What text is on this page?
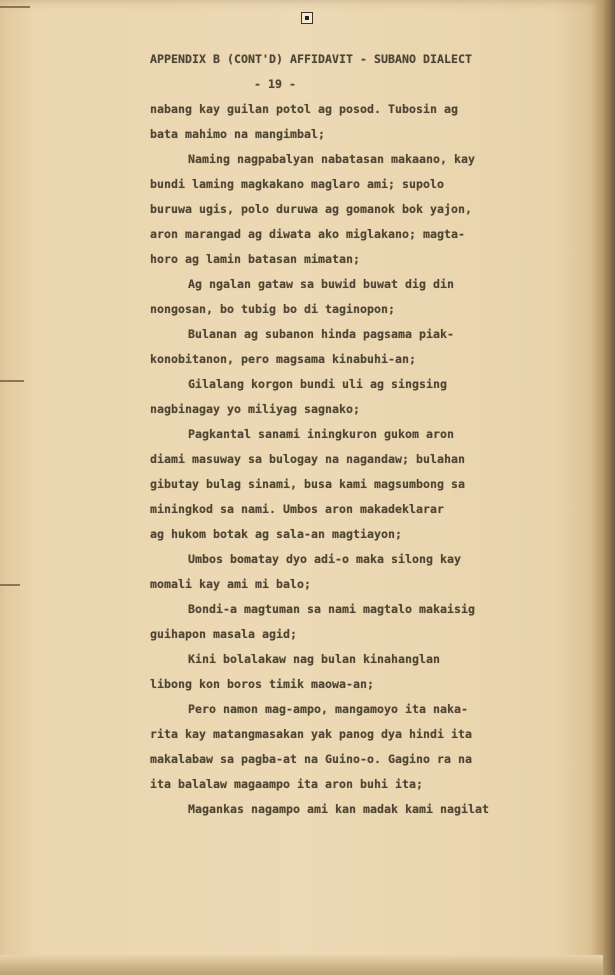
APPENDIX B (CONT'D) AFFIDAVIT - SUBANO DIALECT
- 19 -
nabang kay guilan potol ag posod. Tubosin ag
bata mahimo na mangimbal;
Naming nagpabalyan nabatasan makaano, kay
bundi laming magkakano maglaro ami; supolo
buruwa ugis, polo duruwa ag gomanok bok yajon,
aron marangad ag diwata ako miglakano; magta-
horo ag lamin batasan mimatan;
Ag ngalan gataw sa buwid buwat dig din
nongosan, bo tubig bo di taginopon;
Bulanan ag subanon hinda pagsama piak-
konobitanon, pero magsama kinabuhi-an;
Gilalang korgon bundi uli ag singsing
nagbinagay yo miliyag sagnako;
Pagkantal sanami iningkuron gukom aron
diami masuway sa bulogay na nagandaw; bulahan
gibutay bulag sinami, busa kami magsumbong sa
miningkod sa nami. Umbos aron makadeklarar
ag hukom botak ag sala-an magtiayon;
Umbos bomatay dyo adi-o maka silong kay
momali kay ami mi balo;
Bondi-a magtuman sa nami magtalo makaisig
guihapon masala agid;
Kini bolalakaw nag bulan kinahanglan
libong kon boros timik maowa-an;
Pero namon mag-ampo, mangamoyo ita naka-
rita kay matangmasakan yak panog dya hindi ita
makalabaw sa pagba-at na Guino-o. Gagino ra na
ita balalaw magaampo ita aron buhi ita;
Magankas nagampo ami kan madak kami nagilat
